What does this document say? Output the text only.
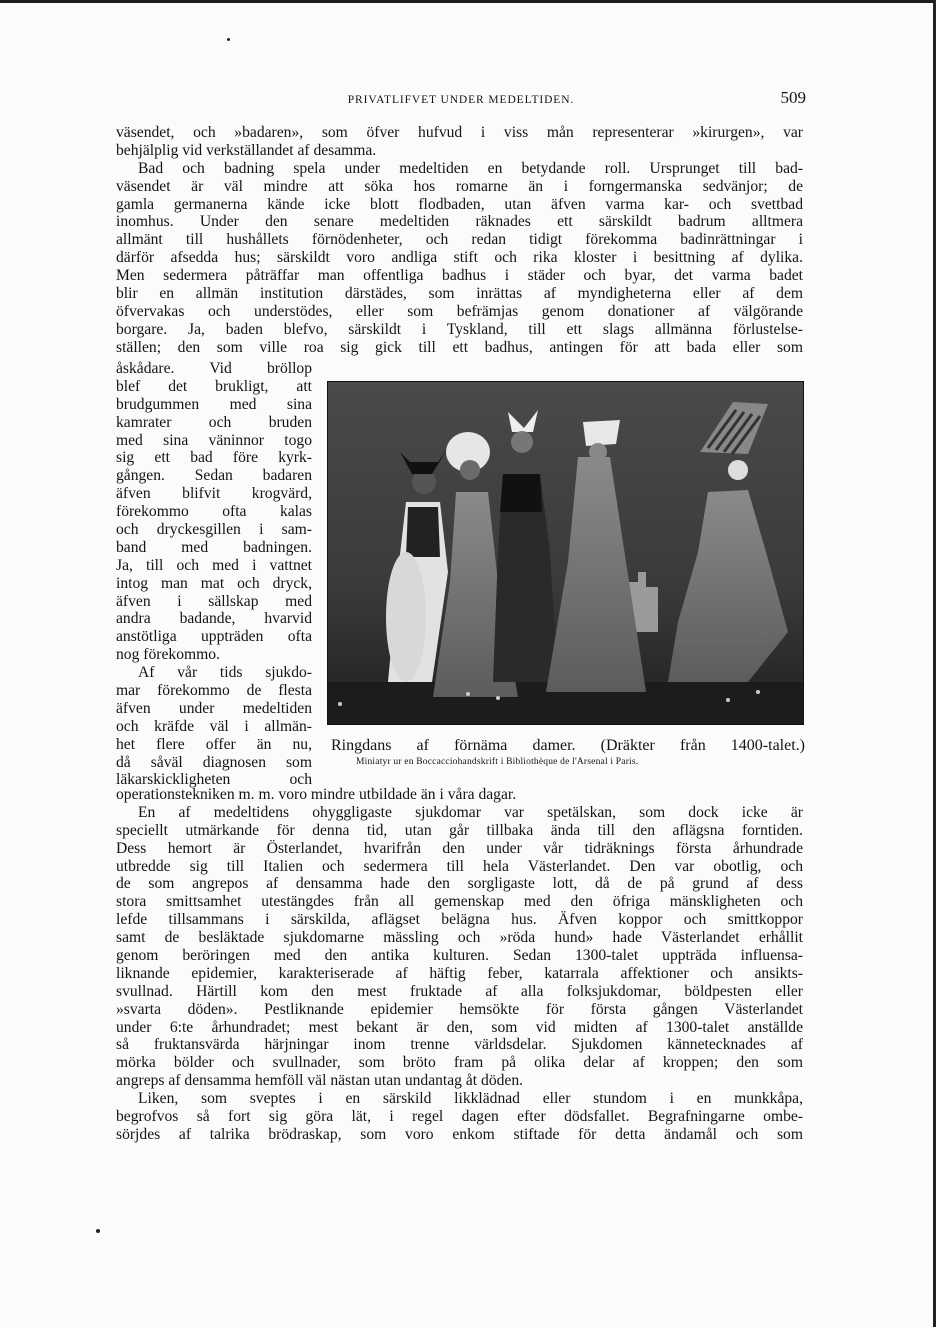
PRIVATLIFVET UNDER MEDELTIDEN.	509
väsendet, och »badaren», som öfver hufvud i viss mån representerar »kirurgen», var
behjälplig vid verkställandet af desamma.
Bad och badning spela under medeltiden en betydande roll. Ursprunget till bad-
väsendet är väl mindre att söka hos romarne än i forngermanska sedvänjor; de
gamla germanerna kände icke blott flodbaden, utan äfven varma kar- och svettbad
inomhus. Under den senare medeltiden räknades ett särskildt badrum alltmera
allmänt till hushållets förnödenheter, och redan tidigt förekomma badinrättningar i
därför afsedda hus; särskildt voro andliga stift och rika kloster i besittning af dylika.
Men sedermera påträffar man offentliga badhus i städer och byar, det varma badet
blir en allmän institution därstädes, som inrättas af myndigheterna eller af dem
öfvervakas och understödes, eller som befrämjas genom donationer af välgörande
borgare. Ja, baden blefvo, särskildt i Tyskland, till ett slags allmänna förlustelse-
ställen; den som ville roa sig gick till ett badhus, antingen för att bada eller som
åskådare. Vid bröllop
blef det brukligt, att
brudgummen med sina
kamrater och bruden
med sina väninnor togo
sig ett bad före kyrk-
gången. Sedan badaren
äfven blifvit krogvärd,
förekommo ofta kalas
och dryckesgillen i sam-
band med badningen.
Ja, till och med i vattnet
intog man mat och dryck,
äfven i sällskap med
andra badande, hvarvid
anstötliga uppträden ofta
nog förekommo.
Af vår tids sjukdo-
mar förekommo de flesta
äfven under medeltiden
och kräfde väl i allmän-
het flere offer än nu,
då såväl diagnosen som
läkarskickligheten och
Ringdans af förnäma damer. (Dräkter från 1400-talet.)
Miniatyr ur en Boccacciohandskrift i Bibliothèque de l'Arsenal i Paris.
operationstekniken m. m. voro mindre utbildade än i våra dagar.
En af medeltidens ohyggligaste sjukdomar var spetälskan, som dock icke är
speciellt utmärkande för denna tid, utan går tillbaka ända till den aflägsna forntiden.
Dess hemort är Österlandet, hvarifrån den under vår tidräknings första århundrade
utbredde sig till Italien och sedermera till hela Västerlandet. Den var obotlig, och
de som angrepos af densamma hade den sorgligaste lott, då de på grund af dess
stora smittsamhet utestängdes från all gemenskap med den öfriga mänskligheten och
lefde tillsammans i särskilda, aflägset belägna hus. Äfven koppor och smittkoppor
samt de besläktade sjukdomarne mässling och »röda hund» hade Västerlandet erhållit
genom beröringen med den antika kulturen. Sedan 1300-talet uppträda influensa-
liknande epidemier, karakteriserade af häftig feber, katarrala affektioner och ansikts-
svullnad. Härtill kom den mest fruktade af alla folksjukdomar, böldpesten eller
»svarta döden». Pestliknande epidemier hemsökte för första gången Västerlandet
under 6:te århundradet; mest bekant är den, som vid midten af 1300-talet anställde
så fruktansvärda härjningar inom trenne världsdelar. Sjukdomen kännetecknades af
mörka bölder och svullnader, som bröto fram på olika delar af kroppen; den som
angreps af densamma hemföll väl nästan utan undantag åt döden.
Liken, som sveptes i en särskild likklädnad eller stundom i en munkkåpa,
begrofvos så fort sig göra lät, i regel dagen efter dödsfallet. Begrafningarne ombe-
sörjdes af talrika brödraskap, som voro enkom stiftade för detta ändamål och som
